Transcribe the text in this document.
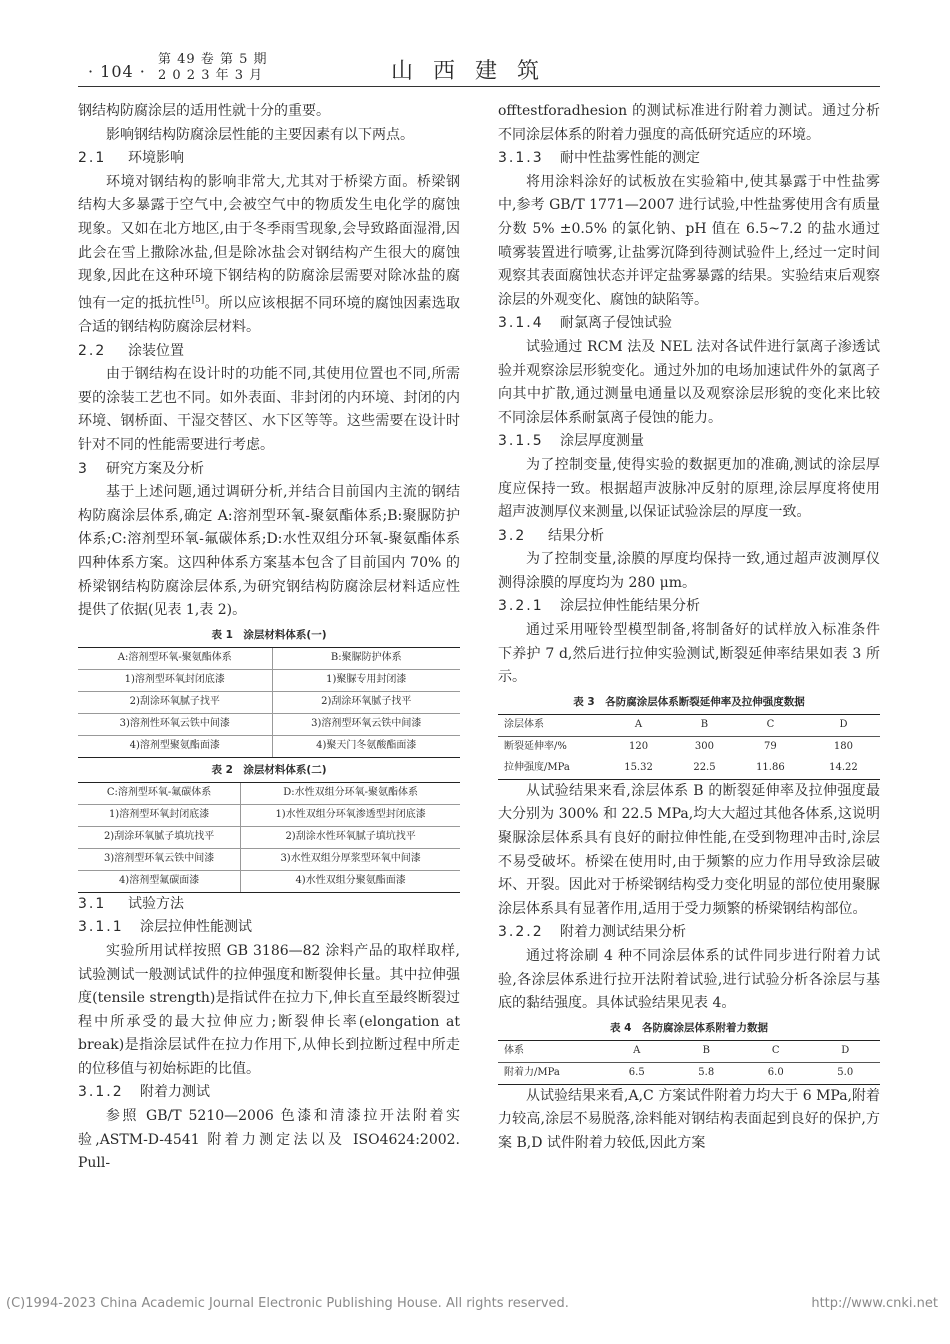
· 104 ·
第 49 卷 第 5 期
2 0 2 3 年 3 月	山西建筑

钢结构防腐涂层的适用性就十分的重要。

影响钢结构防腐涂层性能的主要因素有以下两点。

2.1 环境影响

环境对钢结构的影响非常大,尤其对于桥梁方面。桥梁钢结构大多暴露于空气中,会被空气中的物质发生电化学的腐蚀现象。又如在北方地区,由于冬季雨雪现象,会导致路面湿滑,因此会在雪上撒除冰盐,但是除冰盐会对钢结构产生很大的腐蚀现象,因此在这种环境下钢结构的防腐涂层需要对除冰盐的腐蚀有一定的抵抗性[5]。所以应该根据不同环境的腐蚀因素选取合适的钢结构防腐涂层材料。

2.2 涂装位置

由于钢结构在设计时的功能不同,其使用位置也不同,所需要的涂装工艺也不同。如外表面、非封闭的内环境、封闭的内环境、钢桥面、干湿交替区、水下区等等。这些需要在设计时针对不同的性能需要进行考虑。

3 研究方案及分析

基于上述问题,通过调研分析,并结合目前国内主流的钢结构防腐涂层体系,确定 A:溶剂型环氧-聚氨酯体系;B:聚脲防护体系;C:溶剂型环氧-氟碳体系;D:水性双组分环氧-聚氨酯体系四种体系方案。这四种体系方案基本包含了目前国内 70% 的桥梁钢结构防腐涂层体系,为研究钢结构防腐涂层材料适应性提供了依据(见表 1,表 2)。

表 1　涂层材料体系(一)
A:溶剂型环氧-聚氨酯体系	B:聚脲防护体系
1)溶剂型环氧封闭底漆	1)聚脲专用封闭漆
2)刮涂环氧腻子找平	2)刮涂环氧腻子找平
3)溶剂性环氧云铁中间漆	3)溶剂型环氧云铁中间漆
4)溶剂型聚氨酯面漆	4)聚天门冬氨酸酯面漆
表 2　涂层材料体系(二)
C:溶剂型环氧-氟碳体系	D:水性双组分环氧-聚氨酯体系
1)溶剂型环氧封闭底漆	1)水性双组分环氧渗透型封闭底漆
2)刮涂环氧腻子填坑找平	2)刮涂水性环氧腻子填坑找平
3)溶剂型环氧云铁中间漆	3)水性双组分厚浆型环氧中间漆
4)溶剂型氟碳面漆	4)水性双组分聚氨酯面漆
3.1 试验方法
3.1.1 涂层拉伸性能测试

实验所用试样按照 GB 3186—82 涂料产品的取样取样,试验测试一般测试试件的拉伸强度和断裂伸长量。其中拉伸强度(tensile strength)是指试件在拉力下,伸长直至最终断裂过程中所承受的最大拉伸应力;断裂伸长率(elongation at break)是指涂层试件在拉力作用下,从伸长到拉断过程中所走的位移值与初始标距的比值。

3.1.2 附着力测试

参照 GB/T 5210—2006 色漆和清漆拉开法附着实验,ASTM-D-4541 附着力测定法以及 ISO4624:2002. Pull-

offtestforadhesion 的测试标准进行附着力测试。通过分析不同涂层体系的附着力强度的高低研究适应的环境。

3.1.3 耐中性盐雾性能的测定

将用涂料涂好的试板放在实验箱中,使其暴露于中性盐雾中,参考 GB/T 1771—2007 进行试验,中性盐雾使用含有质量分数 5% ±0.5% 的氯化钠、pH 值在 6.5~7.2 的盐水通过喷雾装置进行喷雾,让盐雾沉降到待测试验件上,经过一定时间观察其表面腐蚀状态并评定盐雾暴露的结果。实验结束后观察涂层的外观变化、腐蚀的缺陷等。

3.1.4 耐氯离子侵蚀试验

试验通过 RCM 法及 NEL 法对各试件进行氯离子渗透试验并观察涂层形貌变化。通过外加的电场加速试件外的氯离子向其中扩散,通过测量电通量以及观察涂层形貌的变化来比较不同涂层体系耐氯离子侵蚀的能力。

3.1.5 涂层厚度测量

为了控制变量,使得实验的数据更加的准确,测试的涂层厚度应保持一致。根据超声波脉冲反射的原理,涂层厚度将使用超声波测厚仪来测量,以保证试验涂层的厚度一致。

3.2 结果分析

为了控制变量,涂膜的厚度均保持一致,通过超声波测厚仪测得涂膜的厚度均为 280 μm。

3.2.1 涂层拉伸性能结果分析

通过采用哑铃型模型制备,将制备好的试样放入标准条件下养护 7 d,然后进行拉伸实验测试,断裂延伸率结果如表 3 所示。

表 3　各防腐涂层体系断裂延伸率及拉伸强度数据
涂层体系	A	B	C	D
断裂延伸率/%	120	300	79	180
拉伸强度/MPa	15.32	22.5	11.86	14.22

从试验结果来看,涂层体系 B 的断裂延伸率及拉伸强度最大分别为 300% 和 22.5 MPa,均大大超过其他各体系,这说明聚脲涂层体系具有良好的耐拉伸性能,在受到物理冲击时,涂层不易受破坏。桥梁在使用时,由于频繁的应力作用导致涂层破坏、开裂。因此对于桥梁钢结构受力变化明显的部位使用聚脲涂层体系具有显著作用,适用于受力频繁的桥梁钢结构部位。

3.2.2 附着力测试结果分析

通过将涂刷 4 种不同涂层体系的试件同步进行附着力试验,各涂层体系进行拉开法附着试验,进行试验分析各涂层与基底的黏结强度。具体试验结果见表 4。

表 4　各防腐涂层体系附着力数据
体系	A	B	C	D
附着力/MPa	6.5	5.8	6.0	5.0

从试验结果来看,A,C 方案试件附着力均大于 6 MPa,附着力较高,涂层不易脱落,涂料能对钢结构表面起到良好的保护,方案 B,D 试件附着力较低,因此方案

(C)1994-2023 China Academic Journal Electronic Publishing House. All rights reserved.	http://www.cnki.net
